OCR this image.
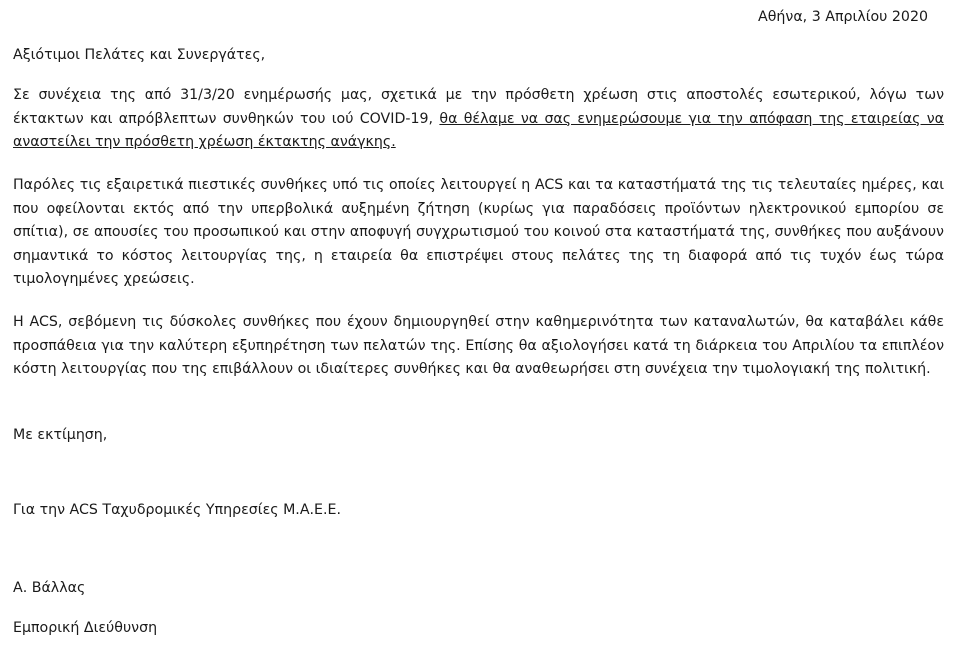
Αθήνα, 3 Απριλίου 2020
Αξιότιμοι Πελάτες και Συνεργάτες,

Σε συνέχεια της από 31/3/20 ενημέρωσής μας, σχετικά με την πρόσθετη χρέωση στις αποστολές εσωτερικού, λόγω των έκτακτων και απρόβλεπτων συνθηκών του ιού COVID-19, θα θέλαμε να σας ενημερώσουμε για την απόφαση της εταιρείας να αναστείλει την πρόσθετη χρέωση έκτακτης ανάγκης.

Παρόλες τις εξαιρετικά πιεστικές συνθήκες υπό τις οποίες λειτουργεί η ACS και τα καταστήματά της τις τελευταίες ημέρες, και που οφείλονται εκτός από την υπερβολικά αυξημένη ζήτηση (κυρίως για παραδόσεις προϊόντων ηλεκτρονικού εμπορίου σε σπίτια), σε απουσίες του προσωπικού και στην αποφυγή συγχρωτισμού του κοινού στα καταστήματά της, συνθήκες που αυξάνουν σημαντικά το κόστος λειτουργίας της, η εταιρεία θα επιστρέψει στους πελάτες της τη διαφορά από τις τυχόν έως τώρα τιμολογημένες χρεώσεις.

Η ACS, σεβόμενη τις δύσκολες συνθήκες που έχουν δημιουργηθεί στην καθημερινότητα των καταναλωτών, θα καταβάλει κάθε προσπάθεια για την καλύτερη εξυπηρέτηση των πελατών της. Επίσης θα αξιολογήσει κατά τη διάρκεια του Απριλίου τα επιπλέον κόστη λειτουργίας που της επιβάλλουν οι ιδιαίτερες συνθήκες και θα αναθεωρήσει στη συνέχεια την τιμολογιακή της πολιτική.

Με εκτίμηση,
Για την ACS Ταχυδρομικές Υπηρεσίες Μ.Α.Ε.Ε.
Α. Βάλλας
Εμπορική Διεύθυνση
